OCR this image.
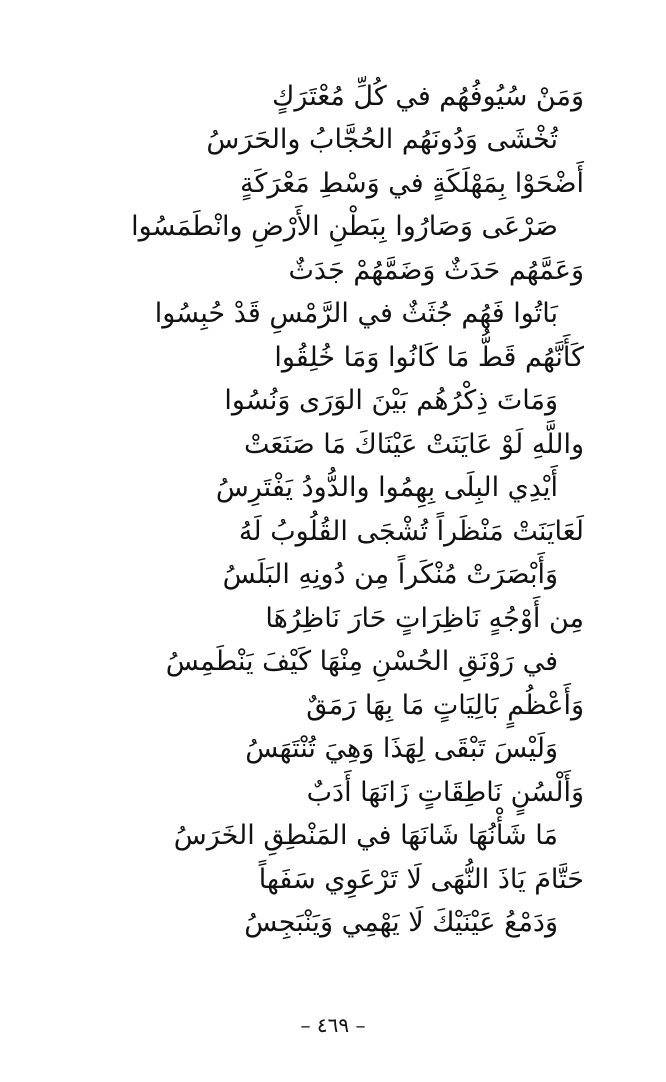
وَمَنْ سُيُوفُهُم في كُلِّ مُعْتَرَكٍ
تُخْشَى وَدُونَهُم الحُجَّابُ والحَرَسُ
أَضْحَوْا بِمَهْلَكَةٍ في وَسْطِ مَعْرَكَةٍ
صَرْعَى وَصَارُوا بِبَطْنِ الأَرْضِ وانْطَمَسُوا
وَعَمَّهُم حَدَثٌ وَضَمَّهُمْ جَدَثٌ
بَاتُوا فَهُم جُثَثٌ في الرَّمْسِ قَدْ حُبِسُوا
كَأَنَّهُم قَطُّ مَا كَانُوا وَمَا خُلِقُوا
وَمَاتَ ذِكْرُهُم بَيْنَ الوَرَى وَنُسُوا
واللَّهِ لَوْ عَايَنَتْ عَيْنَاكَ مَا صَنَعَتْ
أَيْدِي البِلَى بِهِمُوا والدُّودُ يَفْتَرِسُ
لَعَايَنَتْ مَنْظَراً تُشْجَى القُلُوبُ لَهُ
وَأَبْصَرَتْ مُنْكَراً مِن دُونِهِ البَلَسُ
مِن أَوْجُهٍ نَاظِرَاتٍ حَارَ نَاظِرُهَا
في رَوْنَقِ الحُسْنِ مِنْهَا كَيْفَ يَنْطَمِسُ
وَأَعْظُمٍ بَالِيَاتٍ مَا بِهَا رَمَقٌ
وَلَيْسَ تَبْقَى لِهَذَا وَهِيَ تُنْتَهَسُ
وَأَلْسُنٍ نَاطِقَاتٍ زَانَهَا أَدَبٌ
مَا شَأْنُهَا شَانَهَا في المَنْطِقِ الخَرَسُ
حَتَّامَ يَاذَ النُّهَى لَا تَرْعَوِي سَفَهاً
وَدَمْعُ عَيْنَيْكَ لَا يَهْمِي وَيَنْبَجِسُ
– ٤٦٩ –
